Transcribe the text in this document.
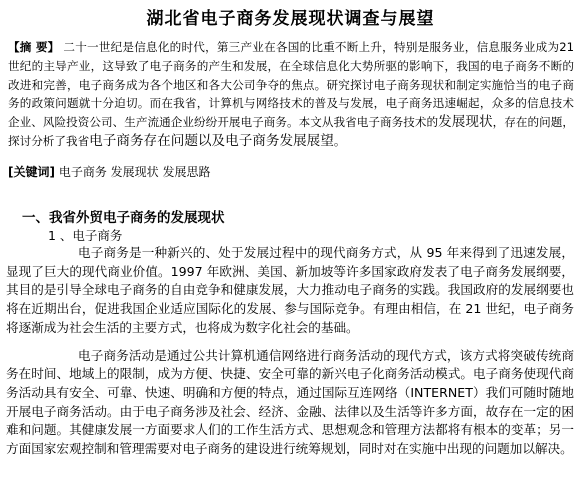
湖北省电子商务发展现状调查与展望
【摘 要】 二十一世纪是信息化的时代，第三产业在各国的比重不断上升，特别是服务业，信息服务业成为21世纪的主导产业，这导致了电子商务的产生和发展，在全球信息化大势所驱的影响下，我国的电子商务不断的改进和完善，电子商务成为各个地区和各大公司争夺的焦点。研究探讨电子商务现状和制定实施恰当的电子商务的政策问题就十分迫切。而在我省，计算机与网络技术的普及与发展，电子商务迅速崛起，众多的信息技术企业、风险投资公司、生产流通企业纷纷开展电子商务。本文从我省电子商务技术的发展现状，存在的问题，探讨分析了我省电子商务存在问题以及电子商务发展展望。
[关键词] 电子商务 发展现状 发展思路
一、我省外贸电子商务的发展现状
1 、电子商务

电子商务是一种新兴的、处于发展过程中的现代商务方式，从 95 年来得到了迅速发展，显现了巨大的现代商业价值。1997 年欧洲、美国、新加坡等许多国家政府发表了电子商务发展纲要，其目的是引导全球电子商务的自由竞争和健康发展，大力推动电子商务的实践。我国政府的发展纲要也将在近期出台，促进我国企业适应国际化的发展、参与国际竞争。有理由相信，在 21 世纪，电子商务将逐渐成为社会生活的主要方式，也将成为数字化社会的基础。

电子商务活动是通过公共计算机通信网络进行商务活动的现代方式，该方式将突破传统商务在时间、地域上的限制，成为方便、快捷、安全可靠的新兴电子化商务活动模式。电子商务使现代商务活动具有安全、可靠、快速、明确和方便的特点，通过国际互连网络（INTERNET）我们可随时随地开展电子商务活动。由于电子商务涉及社会、经济、金融、法律以及生活等许多方面，故存在一定的困难和问题。其健康发展一方面要求人们的工作生活方式、思想观念和管理方法都将有根本的变革；另一方面国家宏观控制和管理需要对电子商务的建设进行统筹规划，同时对在实施中出现的问题加以解决。
